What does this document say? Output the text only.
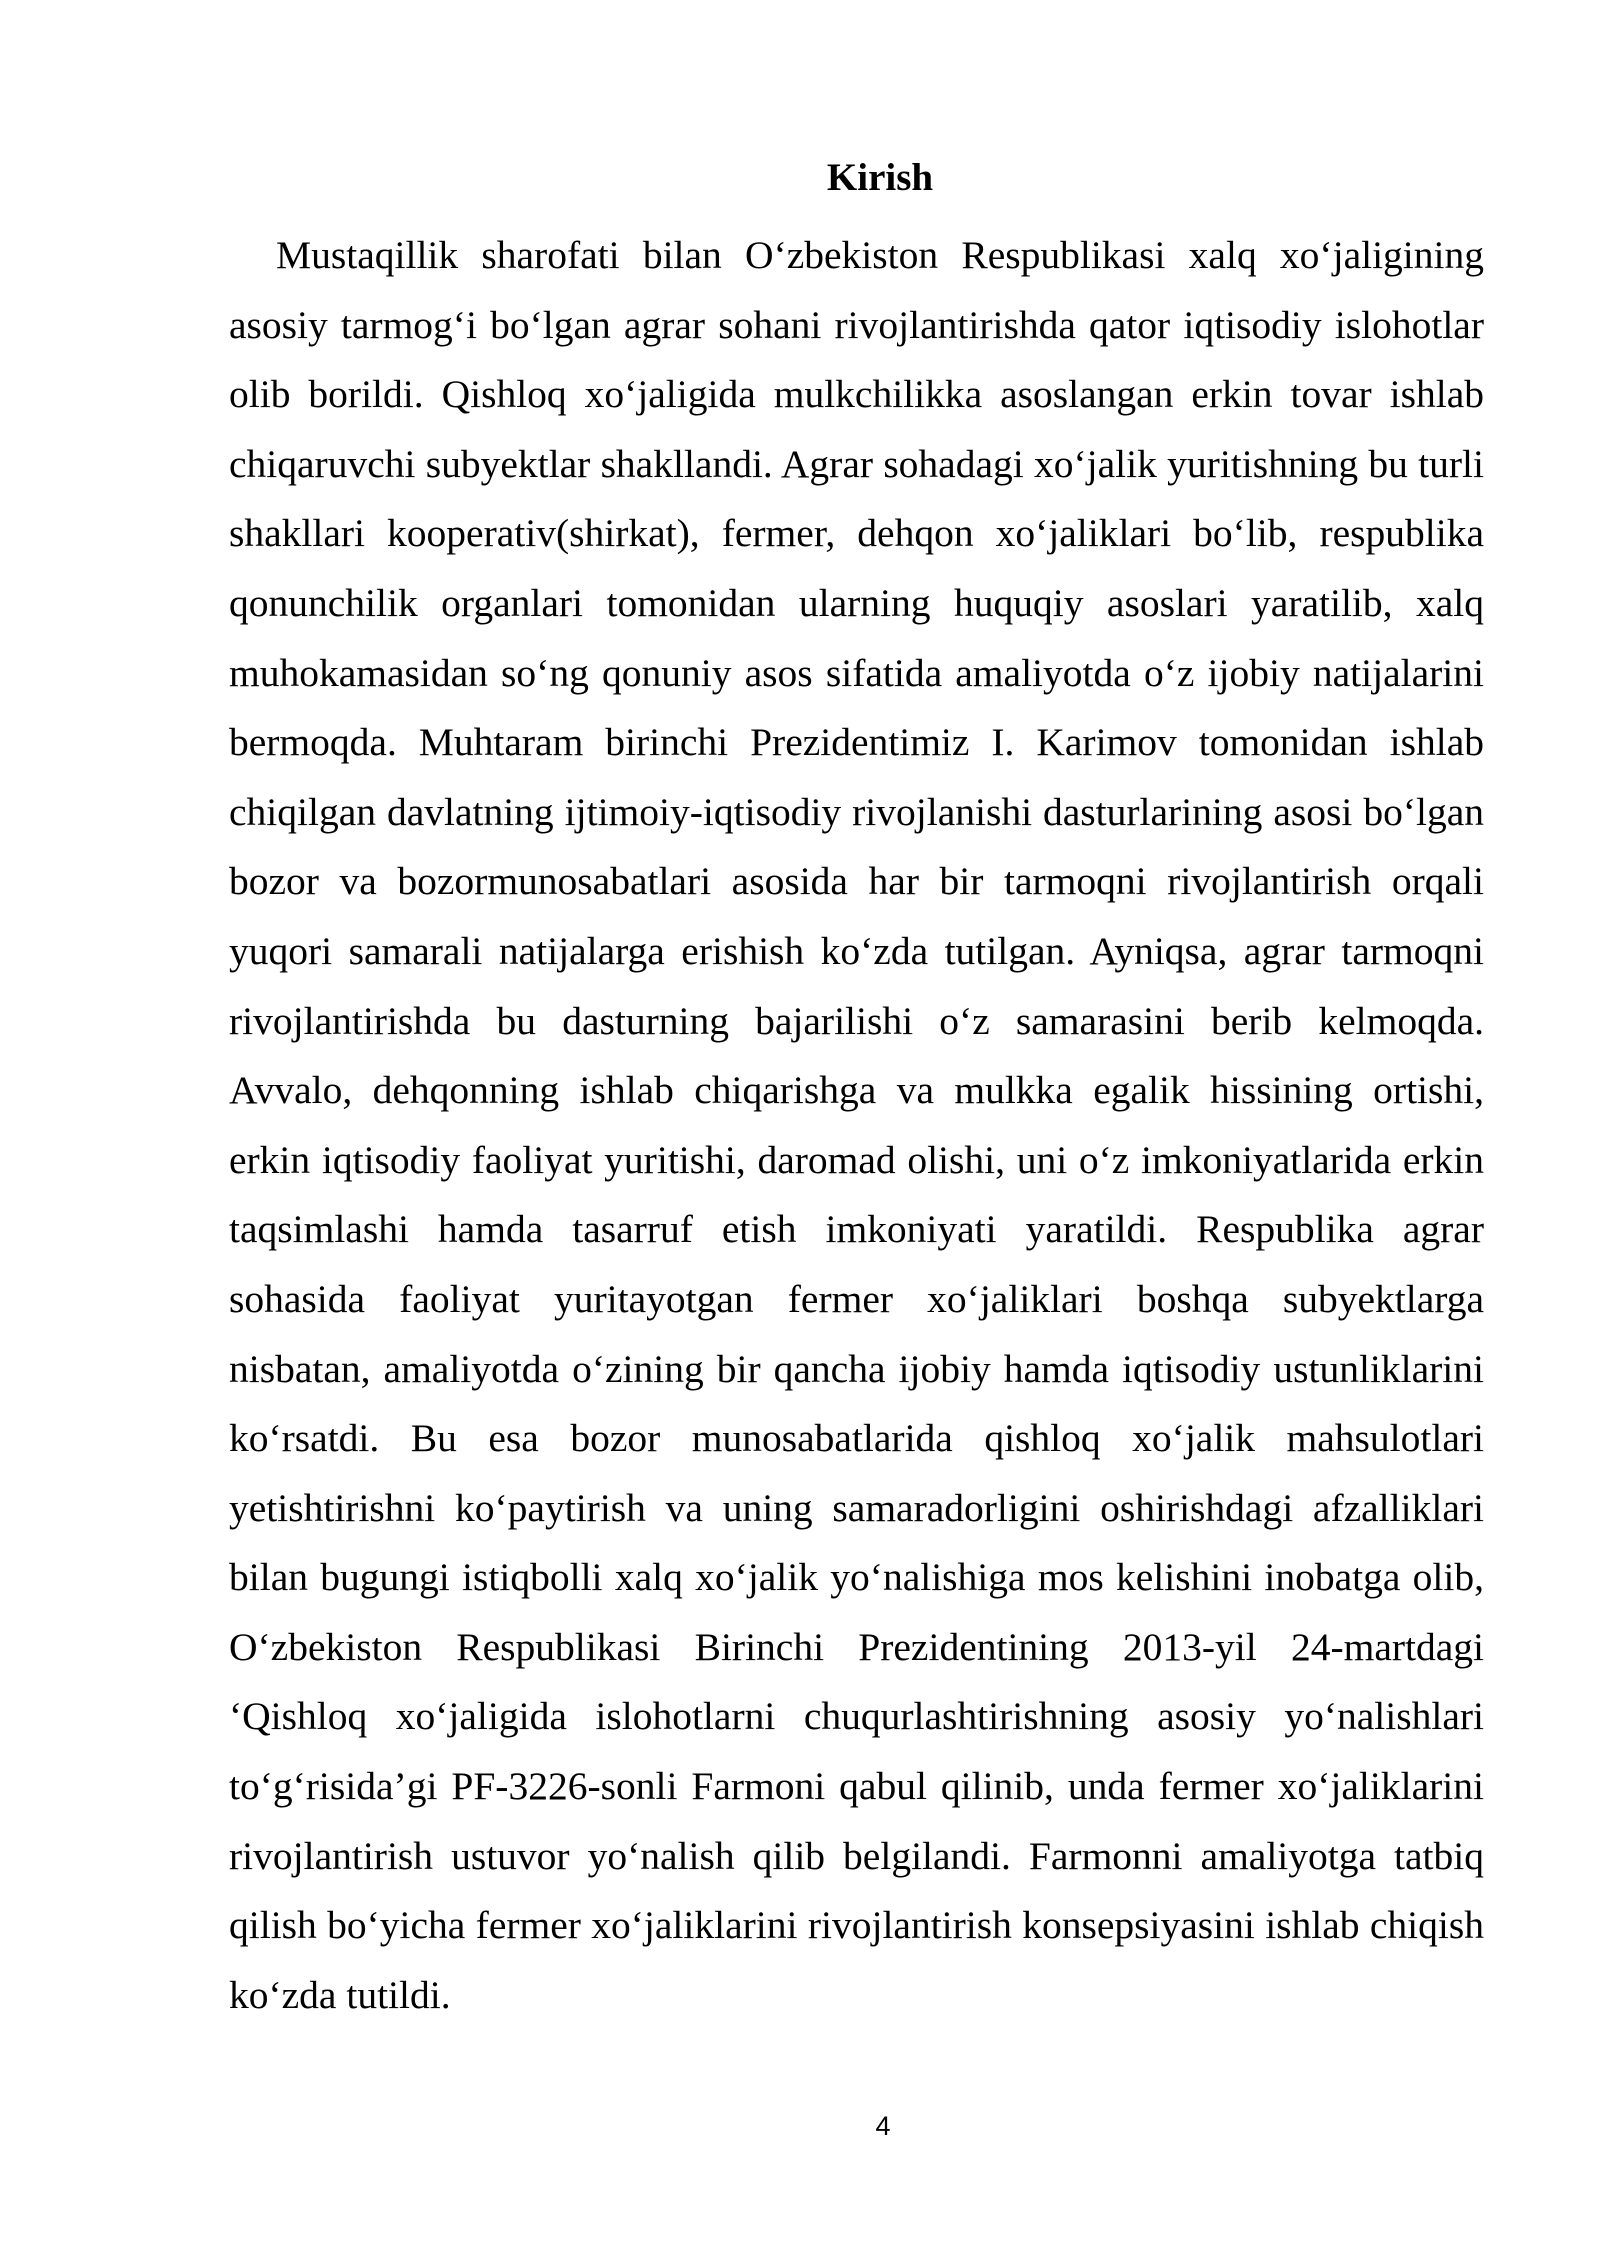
Kirish

Mustaqillik sharofati bilan O‘zbekiston Respublikasi xalq xo‘jaligining asosiy tarmog‘i bo‘lgan agrar sohani rivojlantirishda qator iqtisodiy islohotlar olib borildi. Qishloq xo‘jaligida mulkchilikka asoslangan erkin tovar ishlab chiqaruvchi subyektlar shakllandi. Agrar sohadagi xo‘jalik yuritishning bu turli shakllari kooperativ(shirkat), fermer, dehqon xo‘jaliklari bo‘lib, respublika qonunchilik organlari tomonidan ularning huquqiy asoslari yaratilib, xalq muhokamasidan so‘ng qonuniy asos sifatida amaliyotda o‘z ijobiy natijalarini bermoqda. Muhtaram birinchi Prezidentimiz I. Karimov tomonidan ishlab chiqilgan davlatning ijtimoiy-iqtisodiy rivojlanishi dasturlarining asosi bo‘lgan bozor va bozormunosabatlari asosida har bir tarmoqni rivojlantirish orqali yuqori samarali natijalarga erishish ko‘zda tutilgan. Ayniqsa, agrar tarmoqni rivojlantirishda bu dasturning bajarilishi o‘z samarasini berib kelmoqda. Avvalo, dehqonning ishlab chiqarishga va mulkka egalik hissining ortishi, erkin iqtisodiy faoliyat yuritishi, daromad olishi, uni o‘z imkoniyatlarida erkin taqsimlashi hamda tasarruf etish imkoniyati yaratildi. Respublika agrar sohasida faoliyat yuritayotgan fermer xo‘jaliklari boshqa subyektlarga nisbatan, amaliyotda o‘zining bir qancha ijobiy hamda iqtisodiy ustunliklarini ko‘rsatdi. Bu esa bozor munosabatlarida qishloq xo‘jalik mahsulotlari yetishtirishni ko‘paytirish va uning samaradorligini oshirishdagi afzalliklari bilan bugungi istiqbolli xalq xo‘jalik yo‘nalishiga mos kelishini inobatga olib, O‘zbekiston Respublikasi Birinchi Prezidentining 2013-yil 24-martdagi ‘Qishloq xo‘jaligida islohotlarni chuqurlashtirishning asosiy yo‘nalishlari to‘g‘risida’gi PF-3226-sonli Farmoni qabul qilinib, unda fermer xo‘jaliklarini rivojlantirish ustuvor yo‘nalish qilib belgilandi. Farmonni amaliyotga tatbiq qilish bo‘yicha fermer xo‘jaliklarini rivojlantirish konsepsiyasini ishlab chiqish ko‘zda tutildi.

4
